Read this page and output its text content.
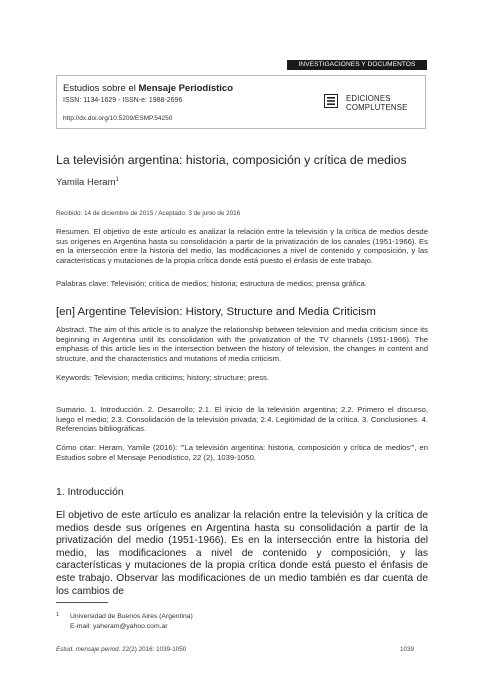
INVESTIGACIONES Y DOCUMENTOS
Estudios sobre el Mensaje Periodístico
ISSN: 1134-1629 - ISSN-e: 1988-2696
http://dx.doi.org/10.5209/ESMP.54250
EDICIONES
COMPLUTENSE
La televisión argentina: historia, composición y crítica de medios
Yamila Heram$^1$
Recibido: 14 de diciembre de 2015 / Aceptado: 3 de junio de 2016
Resumen. El objetivo de este artículo es analizar la relación entre la televisión y la crítica de medios desde sus orígenes en Argentina hasta su consolidación a partir de la privatización de los canales (1951-1966). Es en la intersección entre la historia del medio, las modificaciones a nivel de contenido y composición, y las características y mutaciones de la propia crítica donde está puesto el énfasis de este trabajo.
Palabras clave: Televisión; crítica de medios; historia; estructura de medios; prensa gráfica.
[en] Argentine Television: History, Structure and Media Criticism
Abstract. The aim of this article is to analyze the relationship between television and media criticism since its beginning in Argentina until its consolidation with the privatization of the TV channels (1951-1966). The emphasis of this article lies in the intersection between the history of television, the changes in content and structure, and the characteristics and mutations of media criticism.
Keywords: Television; media criticims; history; structure; press.
Sumario. 1. Introducción. 2. Desarrollo; 2.1. El inicio de la televisión argentina; 2.2. Primero el discurso, luego el medio; 2.3. Consolidación de la televisión privada; 2.4. Legitimidad de la crítica. 3. Conclusiones. 4. Referencias bibliográficas.
Cómo citar: Heram, Yamile (2016): "'La televisión argentina: historia, composición y crítica de medios'", en Estudios sobre el Mensaje Periodístico, 22 (2), 1039-1050.
1. Introducción
El objetivo de este artículo es analizar la relación entre la televisión y la crítica de medios desde sus orígenes en Argentina hasta su consolidación a partir de la privatización del medio (1951-1966). Es en la intersección entre la historia del medio, las modificaciones a nivel de contenido y composición, y las características y mutaciones de la propia crítica donde está puesto el énfasis de este trabajo. Observar las modificaciones de un medio también es dar cuenta de los cambios de
1 Universidad de Buenos Aires (Argentina)
E-mail: yaheram@yahoo.com.ar
Estud. mensaje period. 22(2) 2016: 1039-1050	1039
